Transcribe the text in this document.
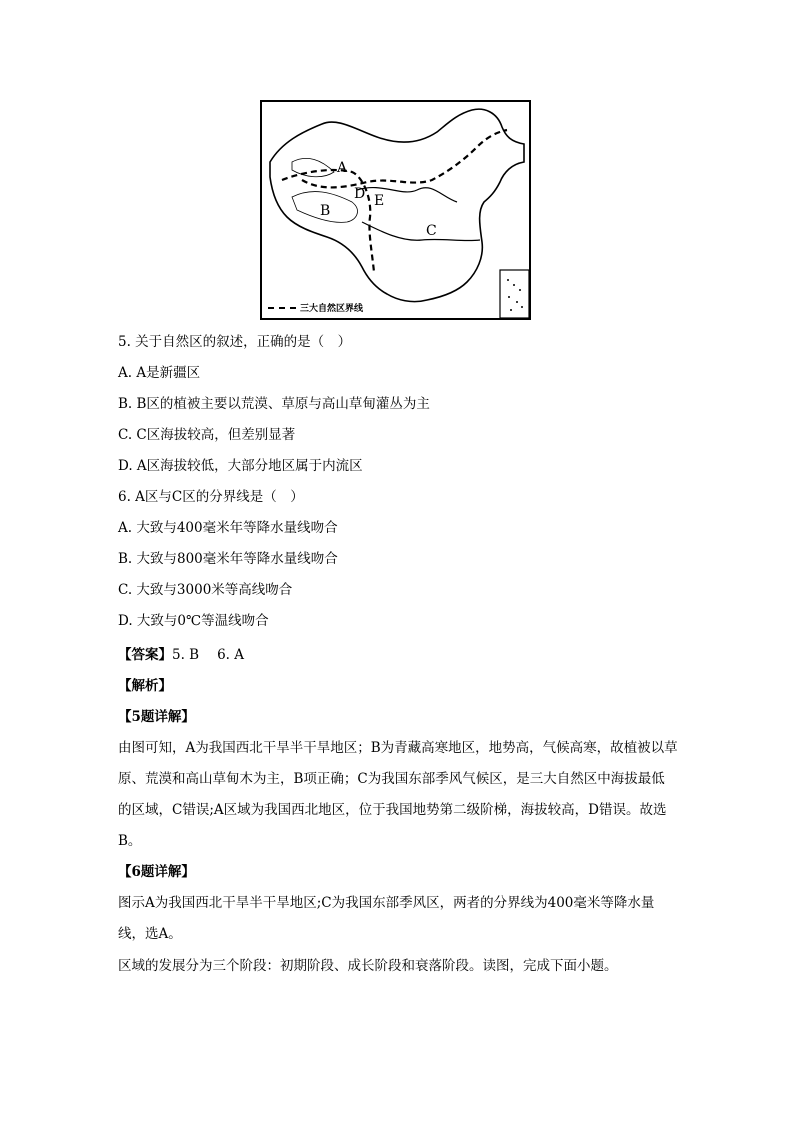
A
B
C
D E
三大自然区界线
5. 关于自然区的叙述，正确的是（　）
A. A是新疆区
B. B区的植被主要以荒漠、草原与高山草甸灌丛为主
C. C区海拔较高，但差别显著
D. A区海拔较低，大部分地区属于内流区
6. A区与C区的分界线是（　）
A. 大致与400毫米年等降水量线吻合
B. 大致与800毫米年等降水量线吻合
C. 大致与3000米等高线吻合
D. 大致与0℃等温线吻合
【答案】5. B 6. A
【解析】
【5题详解】
由图可知，A为我国西北干旱半干旱地区；B为青藏高寒地区，地势高，气候高寒，故植被以草原、荒漠和高山草甸木为主，B项正确；C为我国东部季风气候区，是三大自然区中海拔最低的区域，C错误;A区域为我国西北地区，位于我国地势第二级阶梯，海拔较高，D错误。故选B。
【6题详解】
图示A为我国西北干旱半干旱地区;C为我国东部季风区，两者的分界线为400毫米等降水量线，选A。
区域的发展分为三个阶段：初期阶段、成长阶段和衰落阶段。读图，完成下面小题。
